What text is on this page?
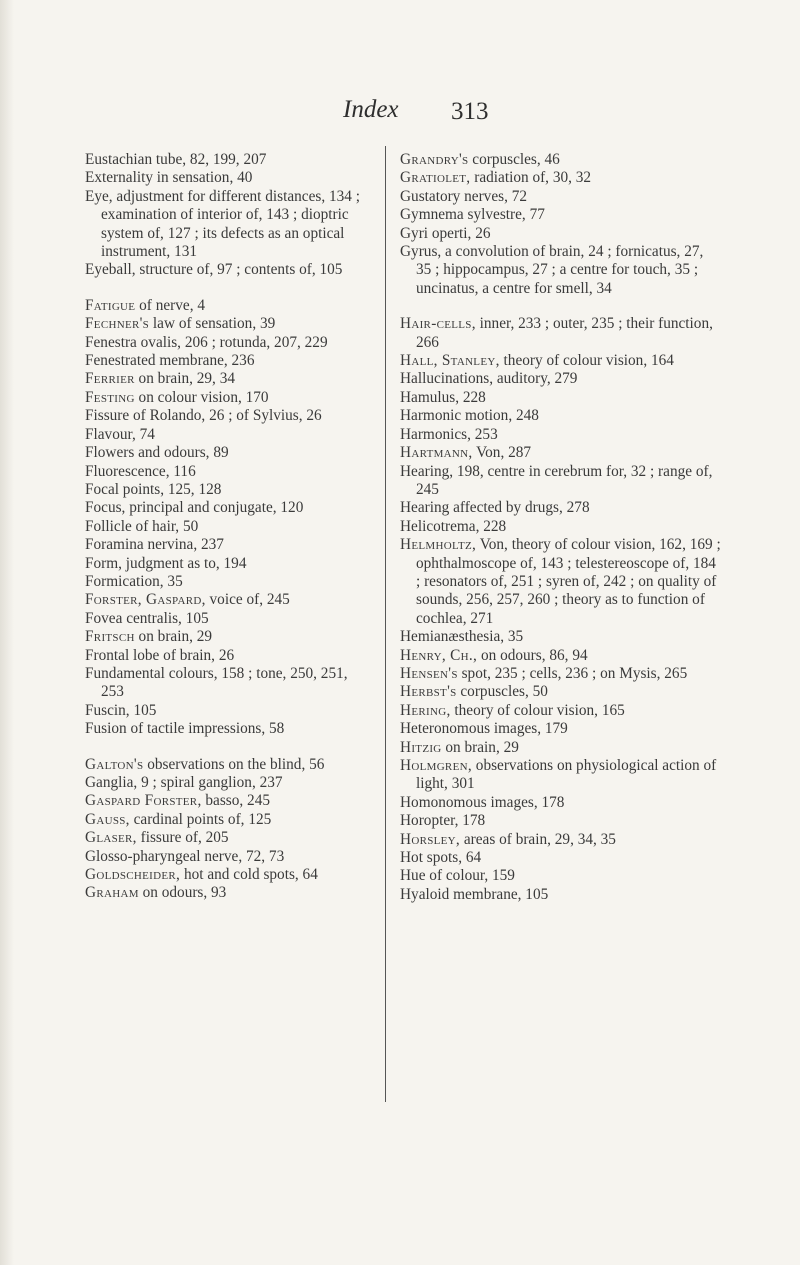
Index 313

Eustachian tube, 82, 199, 207

Externality in sensation, 40

Eye, adjustment for different distances, 134 ; examination of interior of, 143 ; dioptric system of, 127 ; its defects as an optical instrument, 131

Eyeball, structure of, 97 ; contents of, 105

Fatigue of nerve, 4

Fechner's law of sensation, 39

Fenestra ovalis, 206 ; rotunda, 207, 229

Fenestrated membrane, 236

Ferrier on brain, 29, 34

Festing on colour vision, 170

Fissure of Rolando, 26 ; of Sylvius, 26

Flavour, 74

Flowers and odours, 89

Fluorescence, 116

Focal points, 125, 128

Focus, principal and conjugate, 120

Follicle of hair, 50

Foramina nervina, 237

Form, judgment as to, 194

Formication, 35

Forster, Gaspard, voice of, 245

Fovea centralis, 105

Fritsch on brain, 29

Frontal lobe of brain, 26

Fundamental colours, 158 ; tone, 250, 251, 253

Fuscin, 105

Fusion of tactile impressions, 58

Galton's observations on the blind, 56

Ganglia, 9 ; spiral ganglion, 237

Gaspard Forster, basso, 245

Gauss, cardinal points of, 125

Glaser, fissure of, 205

Glosso-pharyngeal nerve, 72, 73

Goldscheider, hot and cold spots, 64

Graham on odours, 93

Grandry's corpuscles, 46

Gratiolet, radiation of, 30, 32

Gustatory nerves, 72

Gymnema sylvestre, 77

Gyri operti, 26

Gyrus, a convolution of brain, 24 ; fornicatus, 27, 35 ; hippocampus, 27 ; a centre for touch, 35 ; uncinatus, a centre for smell, 34

Hair-cells, inner, 233 ; outer, 235 ; their function, 266

Hall, Stanley, theory of colour vision, 164

Hallucinations, auditory, 279

Hamulus, 228

Harmonic motion, 248

Harmonics, 253

Hartmann, Von, 287

Hearing, 198, centre in cerebrum for, 32 ; range of, 245

Hearing affected by drugs, 278

Helicotrema, 228

Helmholtz, Von, theory of colour vision, 162, 169 ; ophthalmoscope of, 143 ; telestereoscope of, 184 ; resonators of, 251 ; syren of, 242 ; on quality of sounds, 256, 257, 260 ; theory as to function of cochlea, 271

Hemianæsthesia, 35

Henry, Ch., on odours, 86, 94

Hensen's spot, 235 ; cells, 236 ; on Mysis, 265

Herbst's corpuscles, 50

Hering, theory of colour vision, 165

Heteronomous images, 179

Hitzig on brain, 29

Holmgren, observations on physiological action of light, 301

Homonomous images, 178

Horopter, 178

Horsley, areas of brain, 29, 34, 35

Hot spots, 64

Hue of colour, 159

Hyaloid membrane, 105
